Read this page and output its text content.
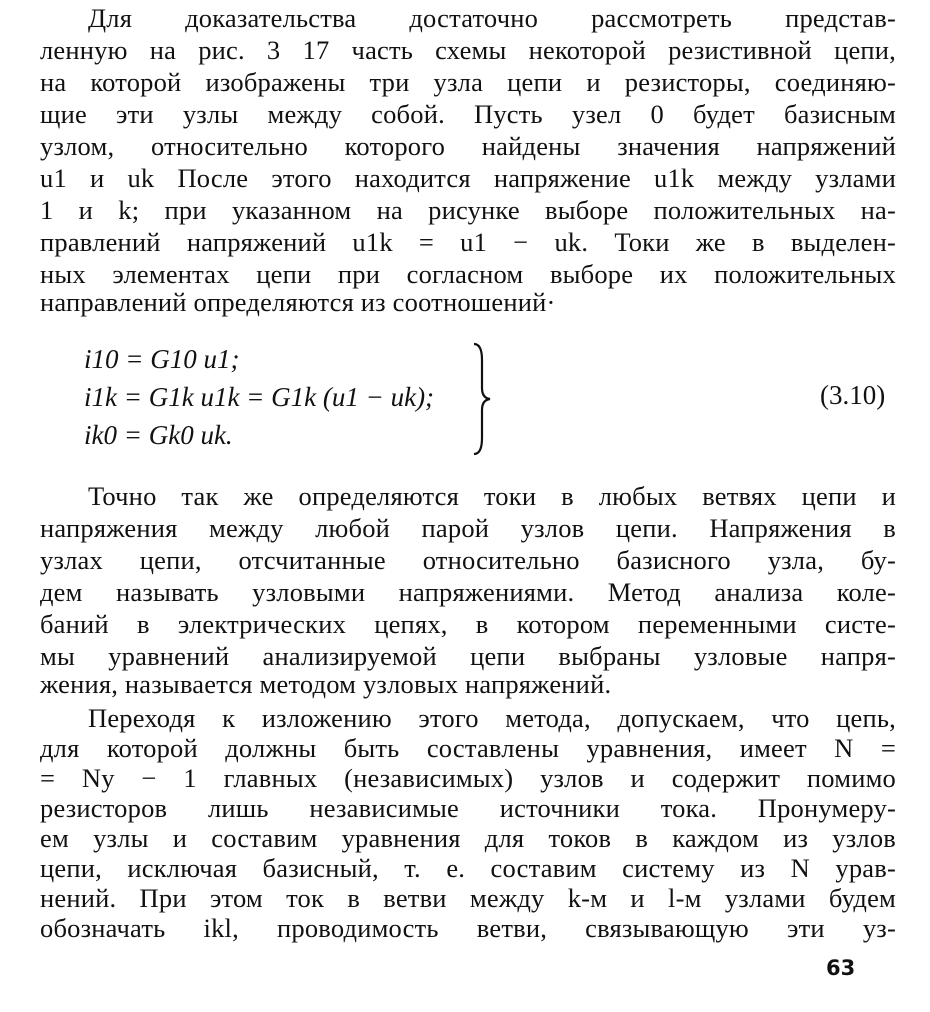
Для доказательства достаточно рассмотреть представ-
ленную на рис. 3 17 часть схемы некоторой резистивной цепи,
на которой изображены три узла цепи и резисторы, соединяю-
щие эти узлы между собой. Пусть узел 0 будет базисным
узлом, относительно которого найдены значения напряжений
u1 и uk После этого находится напряжение u1k между узлами
1 и k; при указанном на рисунке выборе положительных на-
правлений напряжений u1k = u1 − uk. Токи же в выделен-
ных элементах цепи при согласном выборе их положительных
направлений определяются из соотношений·
i10 = G10 u1;
i1k = G1k u1k = G1k (u1 − uk);
ik0 = Gk0 uk.
(3.10)
Точно так же определяются токи в любых ветвях цепи и
напряжения между любой парой узлов цепи. Напряжения в
узлах цепи, отсчитанные относительно базисного узла, бу-
дем называть узловыми напряжениями. Метод анализа коле-
баний в электрических цепях, в котором переменными систе-
мы уравнений анализируемой цепи выбраны узловые напря-
жения, называется методом узловых напряжений.
Переходя к изложению этого метода, допускаем, что цепь,
для которой должны быть составлены уравнения, имеет N =
= Nу − 1 главных (независимых) узлов и содержит помимо
резисторов лишь независимые источники тока. Пронумеру-
ем узлы и составим уравнения для токов в каждом из узлов
цепи, исключая базисный, т. е. составим систему из N урав-
нений. При этом ток в ветви между k-м и l-м узлами будем
обозначать ikl, проводимость ветви, связывающую эти уз-
63
